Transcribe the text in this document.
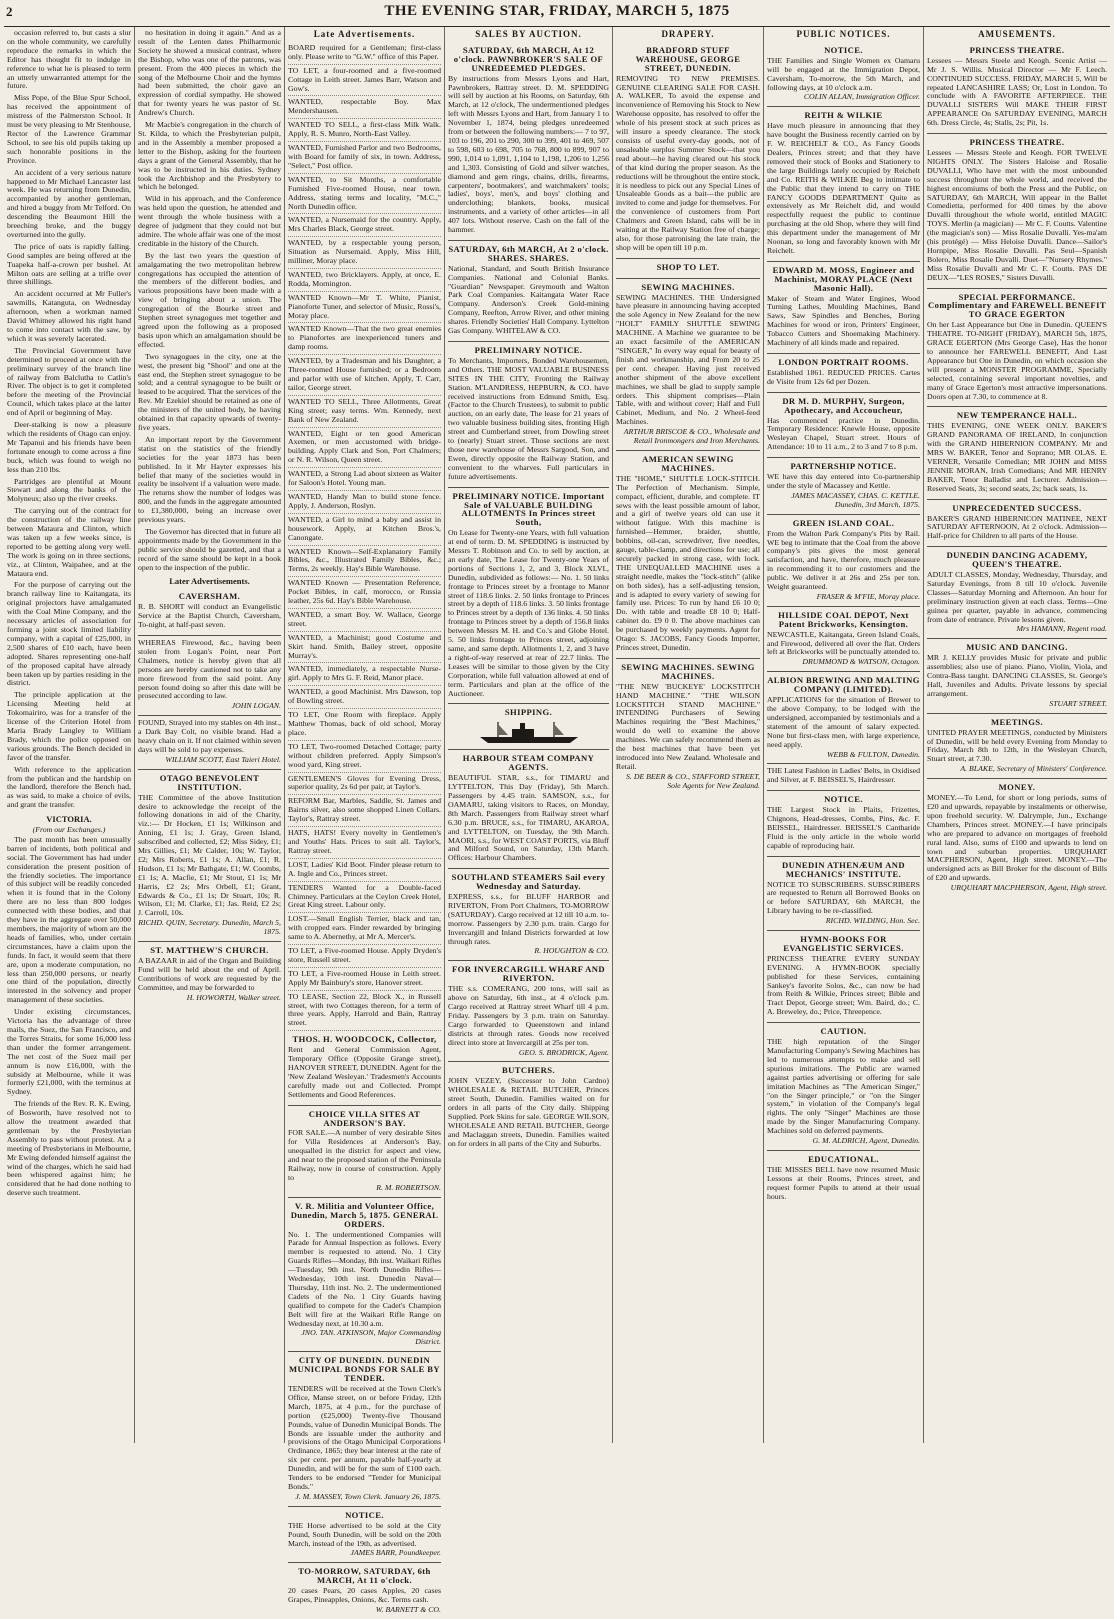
2	THE EVENING STAR, FRIDAY, MARCH 5, 1875

occasion referred to, but casts a slur on the whole community, we carefully reproduce the remarks in which the Editor has thought fit to indulge in reference to what he is pleased to term an utterly unwarranted attempt for the future.

Miss Pope, of the Blue Spur School, has received the appointment of mistress of the Palmerston School. It must be very pleasing to Mr Stenhouse, Rector of the Lawrence Grammar School, to see his old pupils taking up such honorable positions in the Province.

An accident of a very serious nature happened to Mr Michael Lancaster last week. He was returning from Dunedin, accompanied by another gentleman, and hired a buggy from Mr Telford. On descending the Beaumont Hill the breeching broke, and the buggy overturned into the gully.

The price of oats is rapidly falling. Good samples are being offered at the Tuapeka half-a-crown per bushel. At Milton oats are selling at a trifle over three shillings.

An accident occurred at Mr Fuller's sawmills, Katanguta, on Wednesday afternoon, when a workman named David Whitney allowed his right hand to come into contact with the saw, by which it was severely lacerated.

The Provincial Government have determined to proceed at once with the preliminary survey of the branch line of railway from Balclutha to Catlin's River. The object is to get it completed before the meeting of the Provincial Council, which takes place at the latter end of April or beginning of May.

Deer-stalking is now a pleasure which the residents of Otago can enjoy. Mr Tapanui and his friends have been fortunate enough to come across a fine buck, which was found to weigh no less than 210 lbs.

Partridges are plentiful at Mount Stewart and along the banks of the Molyneux; also up the river creeks.

The carrying out of the contract for the construction of the railway line between Mataura and Clinton, which was taken up a few weeks since, is reported to be getting along very well. The work is going on in three sections, viz., at Clinton, Waipahee, and at the Mataura end.

For the purpose of carrying out the branch railway line to Kaitangata, its original projectors have amalgamated with the Coal Mine Company, and the necessary articles of association for forming a joint stock limited liability company, with a capital of £25,000, in 2,500 shares of £10 each, have been adopted. Shares representing one-half of the proposed capital have already been taken up by parties residing in the district.

The principle application at the Licensing Meeting held at Tokomairiro, was for a transfer of the license of the Criterion Hotel from Maria Brady Langley to William Brady, which the police opposed on various grounds. The Bench decided in favor of the transfer.

With reference to the application from the publican and the hardship on the landlord, therefore the Bench had, as was said, to make a choice of evils, and grant the transfer.

VICTORIA.
(From our Exchanges.)

The past month has been unusually barren of incidents, both political and social. The Government has had under consideration the present position of the friendly societies. The importance of this subject will be readily conceded when it is found that in the Colony there are no less than 800 lodges connected with these bodies, and that they have in the aggregate over 50,000 members, the majority of whom are the heads of families, who, under certain circumstances, have a claim upon the funds. In fact, it would seem that there are, upon a moderate computation, no less than 250,000 persons, or nearly one third of the population, directly interested in the solvency and proper management of these societies.

Under existing circumstances, Victoria has the advantage of three mails, the Suez, the San Francisco, and the Torres Straits, for some 16,000 less than under the former arrangement. The net cost of the Suez mail per annum is now £16,000, with the subsidy at Melbourne, while it was formerly £21,000, with the terminus at Sydney.

The friends of the Rev. R. K. Ewing, of Bosworth, have resolved not to allow the treatment awarded that gentleman by the Presbyterian Assembly to pass without protest. At a meeting of Presbyterians in Melbourne, Mr Ewing defended himself against the wind of the charges, which he said had been whispered against him; he considered that he had done nothing to deserve such treatment.

no hesitation in doing it again." And as a result of the Lenten dates Philharmonic Society he showed a musical contrast, where the Bishop, who was one of the patrons, was present. From the 400 pieces in which the song of the Melbourne Choir and the hymns had been submitted, the choir gave an expression of cordial sympathy. He showed that for twenty years he was pastor of St. Andrew's Church.

Mr Macbie's congregation in the church of St. Kilda, to which the Presbyterian pulpit, and in the Assembly a member proposed a letter to the Bishop, asking for the fourteen days a grant of the General Assembly, that he was to be instructed in his duties. Sydney took the Archbishop and the Presbytery to which he belonged.

Wild in his approach, and the Conference was held upon the question, he attended and went through the whole business with a degree of judgment that they could not but admire. The whole affair was one of the most creditable in the history of the Church.

By the last two years the question of amalgamating the two metropolitan hebrew congregations has occupied the attention of the members of the different bodies, and various propositions have been made with a view of bringing about a union. The congregation of the Bourke street and Stephen street synagogues met together and agreed upon the following as a proposed basis upon which an amalgamation should be effected.

Two synagogues in the city, one at the west, the present big "Shool" and one at the east end, the Stephen street synagogue to be sold; and a central synagogue to be built or leased to be acquired. That the services of the Rev. Mr Ezekiel should be retained as one of the ministers of the united body, he having obtained in that capacity upwards of twenty-five years.

An important report by the Government statist on the statistics of the friendly societies for the year 1873 has been published. In it Mr Hayter expresses his belief that many of the societies would in reality be insolvent if a valuation were made. The returns show the number of lodges was 800, and the funds in the aggregate amounted to £1,380,000, being an increase over previous years.

The Governor has directed that in future all appointments made by the Government in the public service should be gazetted, and that a record of the same should be kept in a book open to the inspection of the public.

Later Advertisements.
CAVERSHAM.
R. B. SHORT will conduct an Evangelistic Service at the Baptist Church, Caversham, To-night, at half-past seven.
WHEREAS Firewood, &c., having been stolen from Logan's Point, near Port Chalmers, notice is hereby given that all persons are hereby cautioned not to take any more firewood from the said point. Any person found doing so after this date will be prosecuted according to law.
JOHN LOGAN.
FOUND, Strayed into my stables on 4th inst., a Dark Bay Colt, no visible brand. Had a heavy chain on it. If not claimed within seven days will be sold to pay expenses.
WILLIAM SCOTT, East Taieri Hotel.
OTAGO BENEVOLENT INSTITUTION.
THE Committee of the above Institution desire to acknowledge the receipt of the following donations in aid of the Charity, viz.:— Dr Hocken, £1 1s; Wilkinson and Anning, £1 1s; J. Gray, Green Island, subscribed and collected, £2; Miss Sidey, £1; Mrs Gillies, £1; Mr Calder, 10s; W. Taylor, £2; Mrs Roberts, £1 1s; A. Allan, £1; R. Hudson, £1 1s; Mr Bathgate, £1; W. Coombs, £1 1s; A. Macfie, £1; Mr Stout, £1 1s; Mr Harris, £2 2s; Mrs Orbell, £1; Grant, Edwards & Co., £1 1s; Dr Stuart, 10s; R. Wilson, £1; M. Clarke, £1; Jas. Reid, £2 2s; J. Carroll, 10s.
RICHD. QUIN, Secretary. Dunedin, March 5, 1875.
ST. MATTHEW'S CHURCH.
A BAZAAR in aid of the Organ and Building Fund will be held about the end of April. Contributions of work are requested by the Committee, and may be forwarded to
H. HOWORTH, Walker street.
Late Advertisements.
BOARD required for a Gentleman; first-class only. Please write to "G.W." office of this Paper.
TO LET, a four-roomed and a five-roomed Cottage in Leith street. James Barr, Watson and Gow's.
WANTED, respectable Boy. Max Mendershausen.
WANTED TO SELL, a first-class Milk Walk. Apply, R. S. Munro, North-East Valley.
WANTED, Furnished Parlor and two Bedrooms, with Board for family of six, in town. Address, "Select," Post office.
WANTED, to Sit Months, a comfortable Furnished Five-roomed House, near town. Address, stating terms and locality, "M.C.," North Dunedin office.
WANTED, a Nursemaid for the country. Apply, Mrs Charles Black, George street.
WANTED, by a respectable young person, Situation as Nursemaid. Apply, Miss Hill, milliner, Moray place.
WANTED, two Bricklayers. Apply, at once, E. Rodda, Mornington.
WANTED Known—Mr T. White, Pianist, Pianoforte Tuner, and selector of Music, Rossi's, Moray place.
WANTED Known—That the two great enemies to Pianofortes are inexperienced tuners and damp rooms.
WANTED, by a Tradesman and his Daughter, a Three-roomed House furnished; or a Bedroom and parlor with use of kitchen. Apply, T. Carr, tailor, George street.
WANTED TO SELL, Three Allotments, Great King street; easy terms. Wm. Kennedy, next Bank of New Zealand.
WANTED, Eight or ten good American Axemen, or men accustomed with bridge-building. Apply Clark and Son, Port Chalmers; or N. R. Wilson, Queen street.
WANTED, a Strong Lad about sixteen as Waiter for Saloon's Hotel. Young man.
WANTED, Handy Man to build stone fence. Apply, J. Anderson, Roslyn.
WANTED, a Girl to mind a baby and assist in housework. Apply, at Kitchen Bros.'s, Canongate.
WANTED Known—Self-Explanatory Family Bibles, &c., Illustrated Family Bibles, &c.; Terms, 2s weekly. Hay's Bible Warehouse.
WANTED Known — Presentation Reference, Pocket Bibles, in calf, morocco, or Russia leather, 25s 6d. Hay's Bible Warehouse.
WANTED, a smart Boy. W. Wallace, George street.
WANTED, a Machinist; good Costume and Skirt hand. Smith, Bailey street, opposite Murray's.
WANTED, immediately, a respectable Nurse-girl. Apply to Mrs G. F. Reid, Manor place.
WANTED, a good Machinist. Mrs Dawson, top of Bowling street.
TO LET, One Room with fireplace. Apply Matthew Thomas, back of old school, Moray place.
TO LET, Two-roomed Detached Cottage; party without children preferred. Apply Simpson's wood yard, King street.
GENTLEMEN'S Gloves for Evening Dress, superior quality, 2s 6d per pair, at Taylor's.
REFORM Bar, Marbles, Saddle, St. James and Bairns silver, also some shopped Linen Collars. Taylor's, Rattray street.
HATS, HATS! Every novelty in Gentlemen's and Youths' Hats. Prices to suit all. Taylor's, Rattray street.
LOST, Ladies' Kid Boot. Finder please return to A. Ingle and Co., Princes street.
TENDERS Wanted for a Double-faced Chimney. Particulars at the Ceylon Creek Hotel, Great King street. Labour only.
LOST.—Small English Terrier, black and tan, with cropped ears. Finder rewarded by bringing same to A. Abernethy, at Mr A. Mercer's.
TO LET, a Five-roomed House. Apply Dryden's store, Russell street.
TO LET, a Five-roomed House in Leith street. Apply Mr Bainbury's store, Hanover street.
TO LEASE, Section 22, Block X., in Russell street, with two Cottages thereon, for a term of three years. Apply, Harrold and Bain, Rattray street.
THOS. H. WOODCOCK, Collector,
Rent and General Commission Agent, Temporary Office (Opposite Grange street), HANOVER STREET, DUNEDIN. Agent for the 'New Zealand Wesleyan.' Tradesmen's Accounts carefully made out and Collected. Prompt Settlements and Good References.
CHOICE VILLA SITES AT ANDERSON'S BAY.
FOR SALE.—A number of very desirable Sites for Villa Residences at Anderson's Bay, unequalled in the district for aspect and view, and near to the proposed station of the Peninsula Railway, now in course of construction. Apply to
R. M. ROBERTSON.
V. R. Militia and Volunteer Office, Dunedin, March 5, 1875. GENERAL ORDERS.
No. 1. The undermentioned Companies will Parade for Annual Inspection as follows. Every member is requested to attend. No. 1 City Guards Rifles—Monday, 8th inst. Waikari Rifles—Tuesday, 9th inst. North Dunedin Rifles—Wednesday, 10th inst. Dunedin Naval—Thursday, 11th inst. No. 2. The undermentioned Cadets of the No. 1 City Guards having qualified to compete for the Cadet's Champion Belt will fire at the Waikari Rifle Range on Wednesday next, at 10.30 a.m.
JNO. TAN. ATKINSON, Major Commanding District.
CITY OF DUNEDIN. DUNEDIN MUNICIPAL BONDS FOR SALE BY TENDER.
TENDERS will be received at the Town Clerk's Office, Manse street, on or before Friday, 12th March, 1875, at 4 p.m., for the purchase of portion (£25,000) Twenty-five Thousand Pounds, value of Dunedin Municipal Bonds. The Bonds are issuable under the authority and provisions of the Otago Municipal Corporations Ordinance, 1865; they bear interest at the rate of six per cent. per annum, payable half-yearly at Dunedin, and will be for the sum of £100 each. Tenders to be endorsed "Tender for Municipal Bonds."
J. M. MASSEY, Town Clerk. January 26, 1875.
NOTICE.
THE Horse advertised to be sold at the City Pound, South Dunedin, will be sold on the 20th March, instead of the 19th, as advertised.
JAMES BARR, Poundkeeper.
TO-MORROW, SATURDAY, 6th MARCH, At 11 o'clock.
20 cases Pears, 20 cases Apples, 20 cases Grapes, Pineapples, Onions, &c. Terms cash.
W. BARNETT & CO.
SALES BY AUCTION.
SATURDAY, 6th MARCH, At 12 o'clock. PAWNBROKER'S SALE OF UNREDEEMED PLEDGES.
By instructions from Messrs Lyons and Hart, Pawnbrokers, Rattray street. D. M. SPEDDING will sell by auction at his Rooms, on Saturday, 6th March, at 12 o'clock, The undermentioned pledges left with Messrs Lyons and Hart, from January 1 to November 1, 1874, being pledges unredeemed from or between the following numbers:— 7 to 97, 103 to 196, 201 to 290, 300 to 399, 401 to 469, 507 to 598, 603 to 698, 705 to 768, 800 to 899, 907 to 990, 1,014 to 1,091, 1,104 to 1,198, 1,206 to 1,256 and 1,303. Consisting of Gold and silver watches, diamond and gem rings, chains, drills, firearms, carpenters', bootmakers', and watchmakers' tools; ladies', boys', men's, and boys' clothing and underclothing; blankets, books, musical instruments, and a variety of other articles—in all 407 lots. Without reserve. Cash on the fall of the hammer.
SATURDAY, 6th MARCH, At 2 o'clock. SHARES. SHARES.
National, Standard, and South British Insurance Companies. National and Colonial Banks. "Guardian" Newspaper. Greymouth and Walton Park Coal Companies. Kaitangata Water Race Company. Anderson's Creek Gold-mining Company, Reefton, Arrow River, and other mining shares. Friendly Societies' Hall Company. Lyttelton Gas Company. WHITELAW & CO.
PRELIMINARY NOTICE.
To Merchants, Importers, Bonded Warehousemen, and Others. THE MOST VALUABLE BUSINESS SITES IN THE CITY, Fronting the Railway Station. M'LANDRESS, HEPBURN, & CO. have received instructions from Edmund Smith, Esq. (Factor to the Church Trustees), to submit to public auction, on an early date, The lease for 21 years of two valuable business building sites, fronting High street and Cumberland street, from Dowling street to (nearly) Stuart street. Those sections are next those new warehouse of Messrs Sargood, Son, and Ewen, directly opposite the Railway Station, and convenient to the wharves. Full particulars in future advertisements.
PRELIMINARY NOTICE. Important Sale of VALUABLE BUILDING ALLOTMENTS In Princes street South,
On Lease for Twenty-one Years, with full valuation at end of term. D. M. SPEDDING is instructed by Messrs T. Robinson and Co. to sell by auction, at an early date, The Lease for Twenty-one Years of portions of Sections 1, 2, and 3, Block XLVI., Dunedin, subdivided as follows:— No. 1. 50 links frontage to Princes street by a frontage to Manor street of 118.6 links. 2. 50 links frontage to Princes street by a depth of 118.6 links. 3. 50 links frontage to Princes street by a depth of 136 links. 4. 50 links frontage to Princes street by a depth of 156.8 links between Messrs M. H. and Co.'s and Globe Hotel. 5. 50 links frontage to Princes street, adjoining same, and same depth. Allotments 1, 2, and 3 have a right-of-way reserved at rear of 22.7 links. The Leases will be similar to those given by the City Corporation, while full valuation allowed at end of term. Particulars and plan at the office of the Auctioneer.
SHIPPING.
HARBOUR STEAM COMPANY AGENTS.
BEAUTIFUL STAR, s.s., for TIMARU and LYTTELTON, This Day (Friday), 5th March. Passengers by 4.45 train. SAMSON, s.s., for OAMARU, taking visitors to Races, on Monday, 8th March. Passengers from Railway street wharf 6.30 p.m. BRUCE, s.s., for TIMARU, AKAROA, and LYTTELTON, on Tuesday, the 9th March. MAORI, s.s., for WEST COAST PORTS, via Bluff and Milford Sound, on Saturday, 13th March. Offices: Harbour Chambers.
SOUTHLAND STEAMERS Sail every Wednesday and Saturday.
EXPRESS, s.s., for BLUFF HARBOR and RIVERTON, From Port Chalmers, TO-MORROW (SATURDAY). Cargo received at 12 till 10 a.m. to-morrow. Passengers by 2.30 p.m. train. Cargo for Invercargill and Inland Districts forwarded at low through rates.
R. HOUGHTON & CO.
FOR INVERCARGILL WHARF AND RIVERTON.
THE s.s. COMERANG, 200 tons, will sail as above on Saturday, 6th inst., at 4 o'clock p.m. Cargo received at Rattray street Wharf till 4 p.m. Friday. Passengers by 3 p.m. train on Saturday. Cargo forwarded to Queenstown and inland districts at through rates. Goods now received direct into store at Invercargill at 25s per ton.
GEO. S. BRODRICK, Agent.
BUTCHERS.
JOHN VEZEY, (Successor to John Cardno) WHOLESALE & RETAIL BUTCHER, Princes street South, Dunedin. Families waited on for orders in all parts of the City daily. Shipping Supplied. Pork Skins for sale. GEORGE WILSON, WHOLESALE AND RETAIL BUTCHER, George and Maclaggan streets, Dunedin. Families waited on for orders in all parts of the City and Suburbs.
DRAPERY.
BRADFORD STUFF WAREHOUSE, GEORGE STREET, DUNEDIN.
REMOVING TO NEW PREMISES. GENUINE CLEARING SALE FOR CASH. A. WALKER, To avoid the expense and inconvenience of Removing his Stock to New Warehouse opposite, has resolved to offer the whole of his present stock at such prices as will insure a speedy clearance. The stock consists of useful every-day goods, not of unsaleable surplus Summer Stock—that you read about—he having cleared out his stock of that kind during the proper season. As the reductions will be throughout the entire stock, it is needless to pick out any Special Lines of Unsaleable Goods as a bait—the public are invited to come and judge for themselves. For the convenience of customers from Port Chalmers and Green Island, cabs will be in waiting at the Railway Station free of charge; also, for those patronising the late train, the shop will be open till 10 p.m.
SHOP TO LET.
SEWING MACHINES.
SEWING MACHINES. THE Undersigned have pleasure in announcing having accepted the sole Agency in New Zealand for the new "HOLT" FAMILY SHUTTLE SEWING MACHINE. A Machine we guarantee to be an exact facsimile of the AMERICAN "SINGER," In every way equal for beauty of finish and workmanship, and From 20 to 25 per cent. cheaper. Having just received another shipment of the above excellent machines, we shall be glad to supply sample orders. This shipment comprises—Plain Table, with and without cover; Half and Full Cabinet, Medium, and No. 2 Wheel-feed Machines.
ARTHUR BRISCOE & CO., Wholesale and Retail Ironmongers and Iron Merchants.
AMERICAN SEWING MACHINES.
THE "HOME," SHUTTLE LOCK-STITCH. The Perfection of Mechanism. Simple, compact, efficient, durable, and complete. IT sews with the least possible amount of labor, and a girl of twelve years old can use it without fatigue. With this machine is furnished—Hemmer, braider, shuttle, bobbins, oil-can, screwdriver, five needles, gauge, table-clamp, and directions for use; all securely packed in strong case, with lock. THE UNEQUALLED MACHINE uses a straight needle, makes the "lock-stitch" (alike on both sides), has a self-adjusting tension, and is adapted to every variety of sewing for family use. Prices: To run by hand £6 10 0; Do. with table and treadle £8 10 0; Half-cabinet do. £9 0 0. The above machines can be purchased by weekly payments. Agent for Otago: S. JACOBS, Fancy Goods Importer, Princes street, Dunedin.
SEWING MACHINES. SEWING MACHINES.
"THE NEW 'BUCKEYE' LOCKSTITCH HAND MACHINE." "THE WILSON LOCKSTITCH STAND MACHINE." INTENDING Purchasers of Sewing Machines requiring the "Best Machines," would do well to examine the above machines. We can safely recommend them as the best machines that have been yet introduced into New Zealand. Wholesale and Retail.
S. DE BEER & CO., STAFFORD STREET, Sole Agents for New Zealand.
PUBLIC NOTICES.
NOTICE.
THE Families and Single Women ex Oamaru will be engaged at the Immigration Depot, Caversham, To-morrow, the 5th March, and following days, at 10 o'clock a.m.
COLIN ALLAN, Immigration Officer.
REITH & WILKIE
Have much pleasure in announcing that they have bought the Business recently carried on by F. W. REICHELT & CO., As Fancy Goods Dealers, Princes street; and that they have removed their stock of Books and Stationery to the large Buildings lately occupied by Reichelt and Co. REITH & WILKIE Beg to intimate to the Public that they intend to carry on THE FANCY GOODS DEPARTMENT Quite as extensively as Mr Reichelt did, and would respectfully request the public to continue purchasing at the old Shop, where they will find this department under the management of Mr Noonan, so long and favorably known with Mr Reichelt.
EDWARD M. MOSS, Engineer and Machinist, MORAY PLACE (Next Masonic Hall).
Maker of Steam and Water Engines, Wood Turning Lathes, Moulding Machines, Band Saws, Saw Spindles and Benches, Boring Machines for wood or iron, Printers' Engineer, Tobacco Cutters and Shoemaking Machinery. Machinery of all kinds made and repaired.
LONDON PORTRAIT ROOMS.
Established 1861. REDUCED PRICES. Cartes de Visite from 12s 6d per Dozen.
DR M. D. MURPHY, Surgeon, Apothecary, and Accoucheur,
Has commenced practice in Dunedin. Temporary Residence: Knewle House, opposite Wesleyan Chapel, Stuart street. Hours of Attendance: 10 to 11 a.m., 2 to 3 and 7 to 8 p.m.
PARTNERSHIP NOTICE.
WE have this day entered into Co-partnership under the style of Macassey and Kettle.
JAMES MACASSEY, CHAS. C. KETTLE. Dunedin, 3rd March, 1875.
GREEN ISLAND COAL.
From the Walton Park Company's Pits by Rail. WE beg to intimate that the Coal from the above company's pits gives the most general satisfaction, and have, therefore, much pleasure in recommending it to our customers and the public. We deliver it at 26s and 25s per ton. Weight guaranteed.
FRASER & M'FIE, Moray place.
HILLSIDE COAL DEPOT, Next Patent Brickworks, Kensington.
NEWCASTLE, Kaitangata, Green Island Coals, and Firewood, delivered all over the flat. Orders left at Brickworks will be punctually attended to.
DRUMMOND & WATSON, Octagon.
ALBION BREWING AND MALTING COMPANY (LIMITED).
APPLICATIONS for the situation of Brewer to the above Company, to be lodged with the undersigned, accompanied by testimonials and a statement of the amount of salary expected. None but first-class men, with large experience, need apply.
WEBB & FULTON, Dunedin.
THE Latest Fashion in Ladies' Belts, in Oxidised and Silver, at F. BEISSEL'S, Hairdresser.
NOTICE.
THE Largest Stock in Plaits, Frizettes, Chignons, Head-dresses, Combs, Pins, &c. F. BEISSEL, Hairdresser. BEISSEL'S Cantharide Fluid is the only article in the whole world capable of reproducing hair.
DUNEDIN ATHENÆUM AND MECHANICS' INSTITUTE.
NOTICE TO SUBSCRIBERS. SUBSCRIBERS are requested to Return all Borrowed Books on or before SATURDAY, 6th MARCH, the Library having to be re-classified.
RICHD. WILDING, Hon. Sec.
HYMN-BOOKS FOR EVANGELISTIC SERVICES.
PRINCESS THEATRE EVERY SUNDAY EVENING. A HYMN-BOOK specially published for these Services, containing Sankey's favorite Solos, &c., can now be had from Reith & Wilkie, Princes street; Bible and Tract Depot, George street; Wm. Baird, do.; C. A. Breweley, do.; Price, Threepence.
CAUTION.
THE high reputation of the Singer Manufacturing Company's Sewing Machines has led to numerous attempts to make and sell spurious imitations. The Public are warned against parties advertising or offering for sale imitation Machines as "The American Singer," "on the Singer principle," or "on the Singer system," in violation of the Company's legal rights. The only "Singer" Machines are those made by the Singer Manufacturing Company. Machines sold on deferred payments.
G. M. ALDRICH, Agent, Dunedin.
EDUCATIONAL.
THE MISSES BELL have now resumed Music Lessons at their Rooms, Princes street, and request former Pupils to attend at their usual hours.
AMUSEMENTS.
PRINCESS THEATRE.
Lessees — Messrs Steele and Keogh. Scenic Artist — Mr J. S. Willis. Musical Director — Mr F. Leech. CONTINUED SUCCESS. FRIDAY, MARCH 5, Will be repeated LANCASHIRE LASS; Or, Lost in London. To conclude with A FAVORITE AFTERPIECE. THE DUVALLI SISTERS Will MAKE THEIR FIRST APPEARANCE On SATURDAY EVENING, MARCH 6th. Dress Circle, 4s; Stalls, 2s; Pit, 1s.
PRINCESS THEATRE.
Lessees — Messrs Steele and Keogh. FOR TWELVE NIGHTS ONLY. The Sisters Haloise and Rosalie DUVALLI, Who have met with the most unbounded success throughout the whole world, and received the highest encomiums of both the Press and the Public, on SATURDAY, 6th MARCH, Will appear in the Ballet Comedietta, performed for 400 times by the above Duvalli throughout the whole world, entitled MAGIC TOYS. Merlin (a magician) — Mr C. F. Coutts. Valentine (the magician's son) — Miss Rosalie Duvalli. Yes-ma'am (his protégé) — Miss Heloise Duvalli. Dance—Sailor's Hornpipe, Miss Rosalie Duvalli. Pas Seul—Spanish Bolero, Miss Rosalie Duvalli. Duet—"Nursery Rhymes." Miss Rosalie Duvalli and Mr C. F. Coutts. PAS DE DEUX—"LES ROSES," Sisters Duvalli.
SPECIAL PERFORMANCE. Complimentary and FAREWELL BENEFIT TO GRACE EGERTON
On her Last Appearance but One in Dunedin. QUEEN'S THEATRE. TO-NIGHT (FRIDAY), MARCH 5th, 1875, GRACE EGERTON (Mrs George Case), Has the honor to announce her FAREWELL BENEFIT, And Last Appearance but One in Dunedin, on which occasion she will present a MONSTER PROGRAMME, Specially selected, containing several important novelties, and many of Grace Egerton's most attractive impersonations. Doors open at 7.30, to commence at 8.
NEW TEMPERANCE HALL.
THIS EVENING, ONE WEEK ONLY. BAKER'S GRAND PANORAMA OF IRELAND, In conjunction with the GRAND HIBERNION COMPANY. Mr and MRS W. BAKER, Tenor and Soprano; MR OLAS. E. VERNER, Versatile Comedian; MR JOHN and MISS JENNIE MORAN, Irish Comedians; And MR HENRY BAKER, Tenor Balladist and Lecturer. Admission—Reserved Seats, 3s; second seats, 2s; back seats, 1s.
UNPRECEDENTED SUCCESS.
BAKER'S GRAND HIBERNICON MATINEE, NEXT SATURDAY AFTERNOON, At 2 o'clock. Admission—Half-price for Children to all parts of the House.
DUNEDIN DANCING ACADEMY, QUEEN'S THEATRE.
ADULT CLASSES, Monday, Wednesday, Thursday, and Saturday Evenings, from 8 till 10 o'clock. Juvenile Classes—Saturday Morning and Afternoon. An hour for preliminary instruction given at each class. Terms—One guinea per quarter, payable in advance, commencing from date of entrance. Private lessons given.
Mrs HAMANN, Regent road.
MUSIC AND DANCING.
MR J. KELLY provides Music for private and public assemblies; also use of piano. Piano, Violin, Viola, and Contra-Bass taught. DANCING CLASSES, St. George's Hall, Juveniles and Adults. Private lessons by special arrangement.
STUART STREET.
MEETINGS.
UNITED PRAYER MEETINGS, conducted by Ministers of Dunedin, will be held every Evening from Monday to Friday, March 8th to 12th, in the Wesleyan Church, Stuart street, at 7.30.
A. BLAKE, Secretary of Ministers' Conference.
MONEY.
MONEY.—To Lend, for short or long periods, sums of £20 and upwards, repayable by instalments or otherwise, upon freehold security. W. Dalrymple, Jun., Exchange Chambers, Princes street. MONEY.—I have principals who are prepared to advance on mortgages of freehold rural land. Also, sums of £100 and upwards to lend on town and suburban properties. URQUHART MACPHERSON, Agent, High street. MONEY.—The undersigned acts as Bill Broker for the discount of Bills of £20 and upwards.
URQUHART MACPHERSON, Agent, High street.
